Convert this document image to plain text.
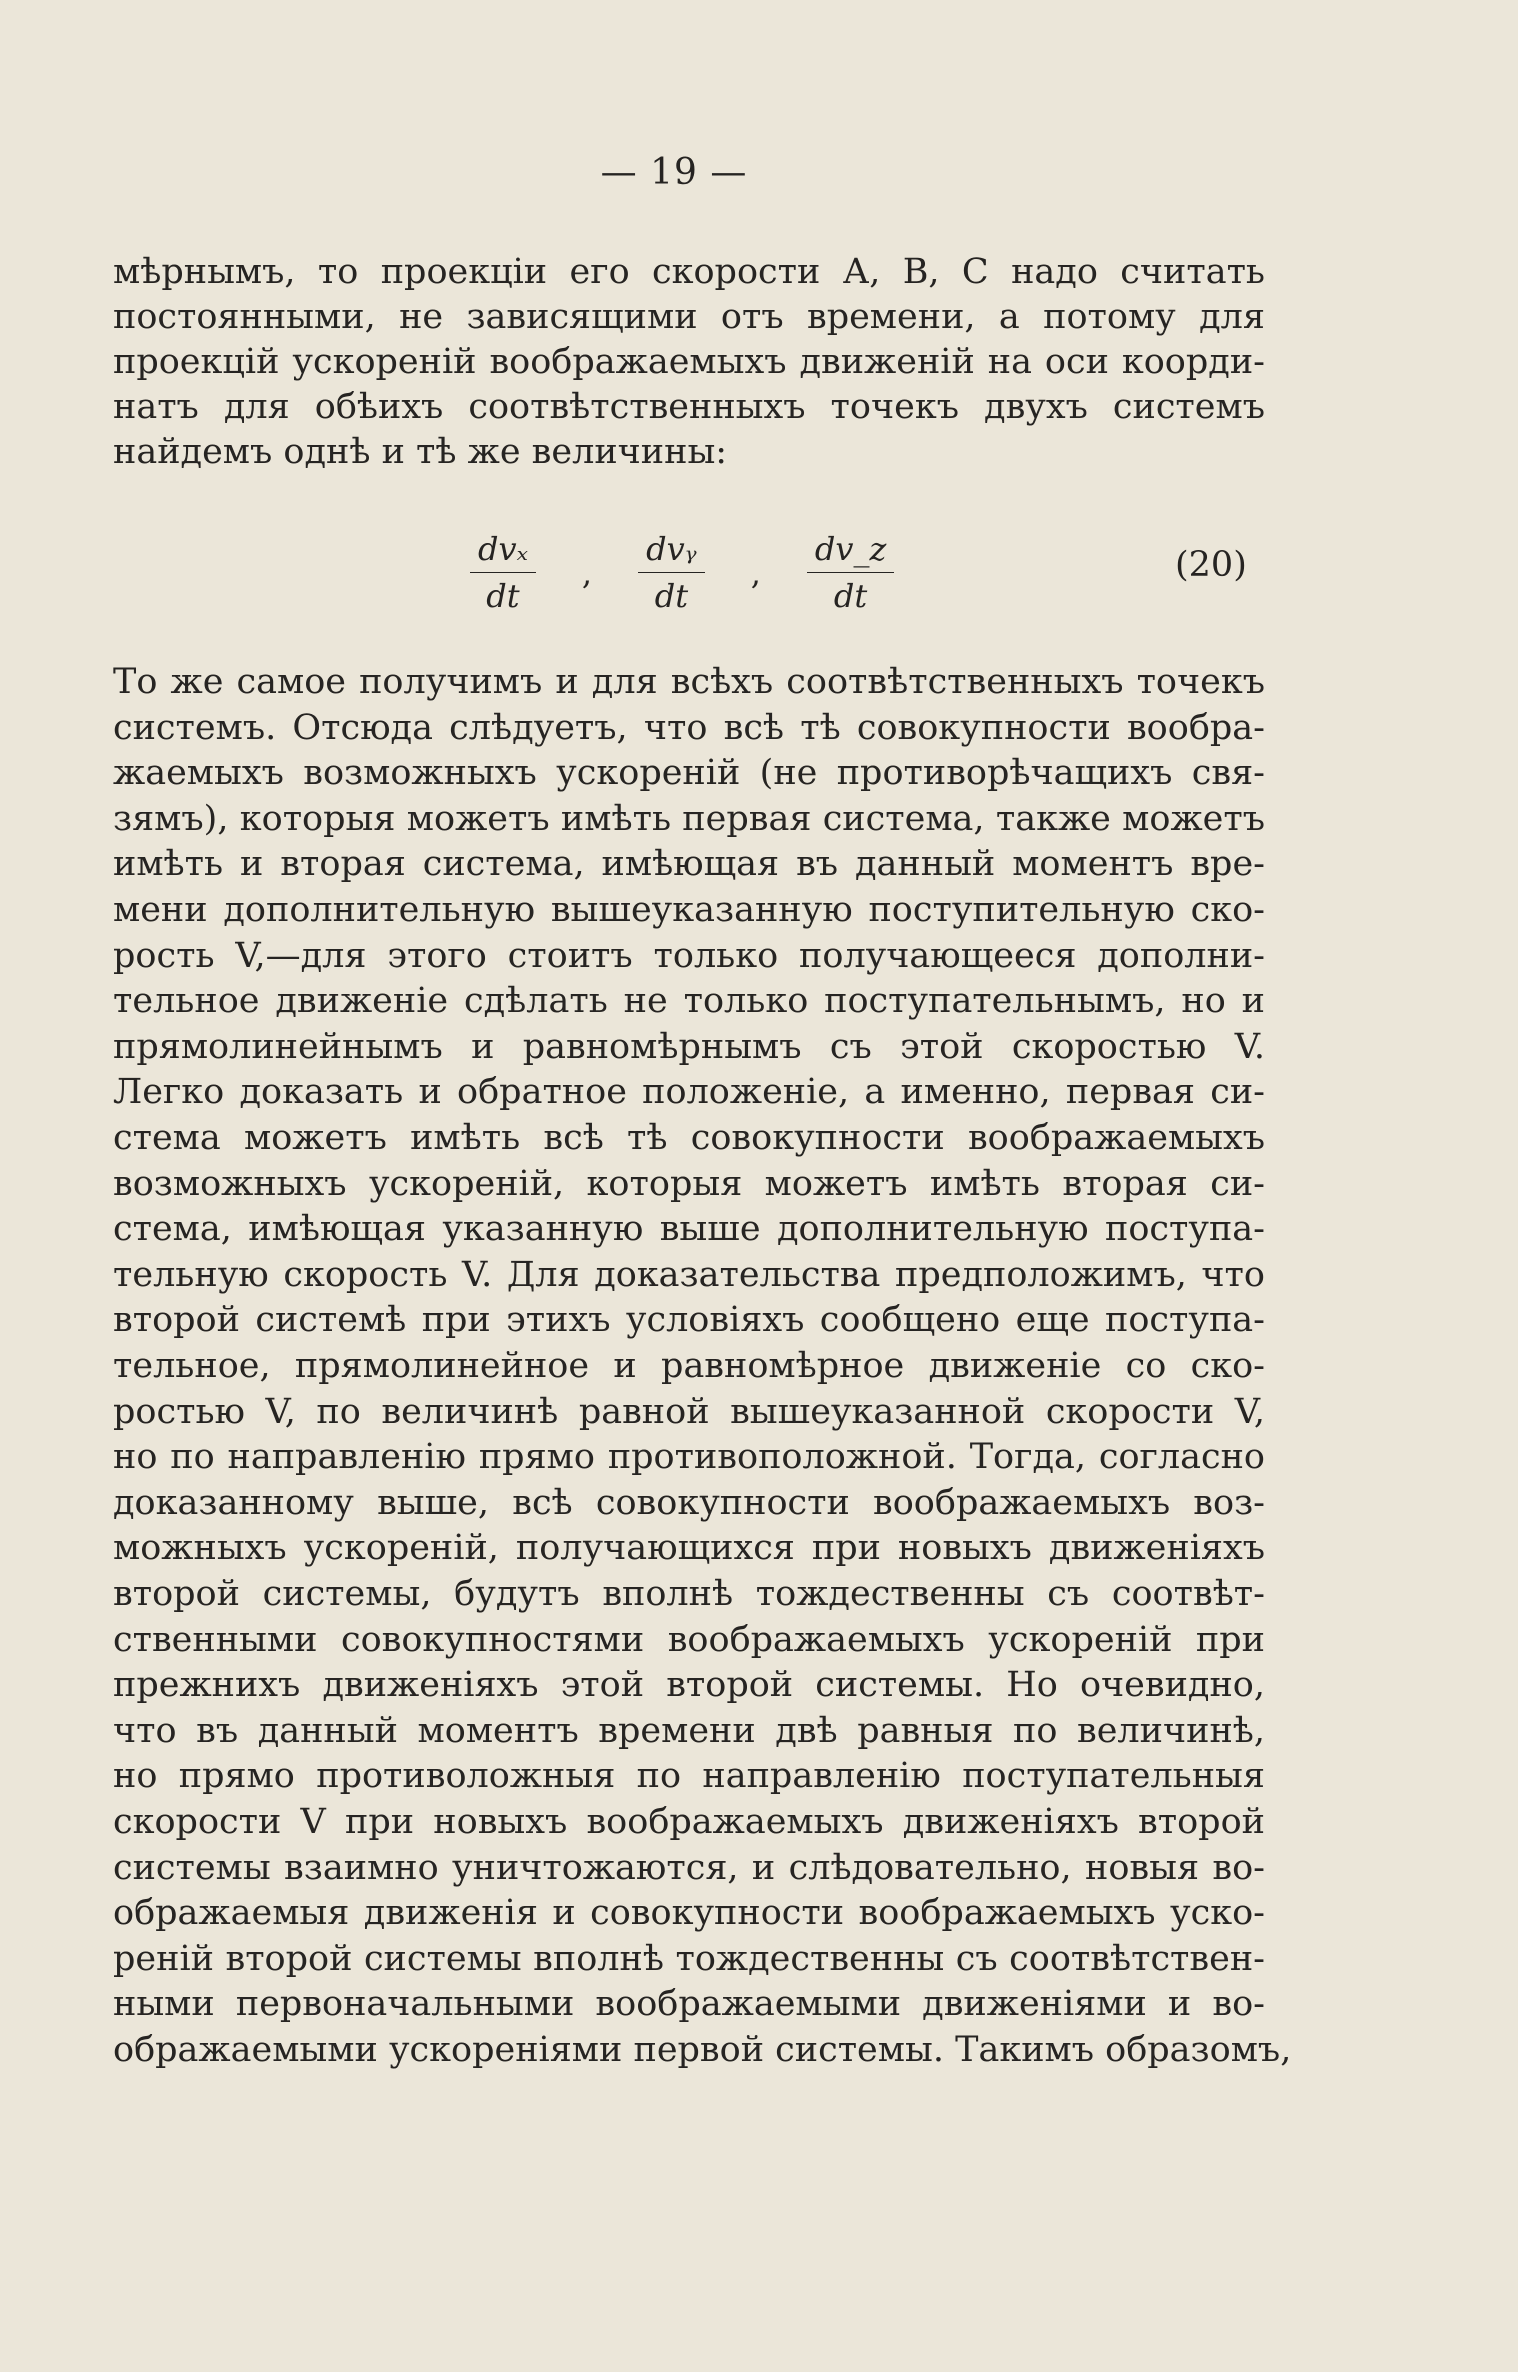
— 19 —
мѣрнымъ, то проекціи его скорости А, В, С надо считать
постоянными, не зависящими отъ времени, а потому для
проекцій ускореній воображаемыхъ движеній на оси коорди-
натъ для обѣихъ соотвѣтственныхъ точекъ двухъ системъ
найдемъ однѣ и тѣ же величины:
$\frac{\text{dvₓ}}{dt}$ , $\frac{\text{dvᵧ}}{dt}$ , $\frac{dv\_z}{dt}$	(20)
То же самое получимъ и для всѣхъ соотвѣтственныхъ точекъ
системъ. Отсюда слѣдуетъ, что всѣ тѣ совокупности вообра-
жаемыхъ возможныхъ ускореній (не противорѣчащихъ свя-
зямъ), которыя можетъ имѣть первая система, также можетъ
имѣть и вторая система, имѣющая въ данный моментъ вре-
мени дополнительную вышеуказанную поступительную ско-
рость V,—для этого стоитъ только получающееся дополни-
тельное движеніе сдѣлать не только поступательнымъ, но и
прямолинейнымъ и равномѣрнымъ съ этой скоростью V.
Легко доказать и обратное положеніе, а именно, первая си-
стема можетъ имѣть всѣ тѣ совокупности воображаемыхъ
возможныхъ ускореній, которыя можетъ имѣть вторая си-
стема, имѣющая указанную выше дополнительную поступа-
тельную скорость V. Для доказательства предположимъ, что
второй системѣ при этихъ условіяхъ сообщено еще поступа-
тельное, прямолинейное и равномѣрное движеніе со ско-
ростью V, по величинѣ равной вышеуказанной скорости V,
но по направленію прямо противоположной. Тогда, согласно
доказанному выше, всѣ совокупности воображаемыхъ воз-
можныхъ ускореній, получающихся при новыхъ движеніяхъ
второй системы, будутъ вполнѣ тождественны съ соотвѣт-
ственными совокупностями воображаемыхъ ускореній при
прежнихъ движеніяхъ этой второй системы. Но очевидно,
что въ данный моментъ времени двѣ равныя по величинѣ,
но прямо противоложныя по направленію поступательныя
скорости V при новыхъ воображаемыхъ движеніяхъ второй
системы взаимно уничтожаются, и слѣдовательно, новыя во-
ображаемыя движенія и совокупности воображаемыхъ уско-
реній второй системы вполнѣ тождественны съ соотвѣтствен-
ными первоначальными воображаемыми движеніями и во-
ображаемыми ускореніями первой системы. Такимъ образомъ,
